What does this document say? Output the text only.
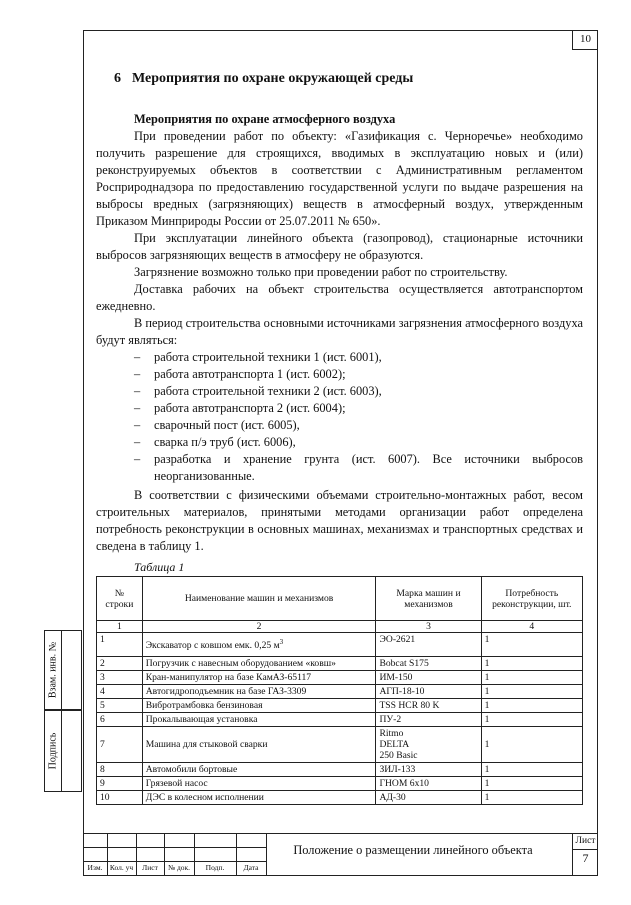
10
Взам. инв. №
Подпись
6 Мероприятия по охране окружающей среды
Мероприятия по охране атмосферного воздуха

При проведении работ по объекту: «Газификация с. Черноречье» необходимо получить разрешение для строящихся, вводимых в эксплуатацию новых и (или) реконструируемых объектов в соответствии с Административным регламентом Росприроднадзора по предоставлению государственной услуги по выдаче разрешения на выбросы вредных (загрязняющих) веществ в атмосферный воздух, утвержденным Приказом Минприроды России от 25.07.2011 № 650».

При эксплуатации линейного объекта (газопровод), стационарные источники выбросов загрязняющих веществ в атмосферу не образуются.

Загрязнение возможно только при проведении работ по строительству.

Доставка рабочих на объект строительства осуществляется автотранспортом ежедневно.

В период строительства основными источниками загрязнения атмосферного воздуха будут являться:

– работа строительной техники 1 (ист. 6001),
– работа автотранспорта 1 (ист. 6002);
– работа строительной техники 2 (ист. 6003),
– работа автотранспорта 2 (ист. 6004);
– сварочный пост (ист. 6005),
– сварка п/э труб (ист. 6006),
– разработка и хранение грунта (ист. 6007). Все источники выбросов неорганизованные.

В соответствии с физическими объемами строительно-монтажных работ, весом строительных материалов, принятыми методами организации работ определена потребность реконструкции в основных машинах, механизмах и транспортных средствах и сведена в таблицу 1.

Таблица 1
№ строки	Наименование машин и механизмов	Марка машин и механизмов	Потребность реконструкции, шт.
1	2	3	4
1	Экскаватор с ковшом емк. 0,25 $м^3$	ЭО-2621	1
2	Погрузчик с навесным оборудованием «ковш»	Bobcat S175	1
3	Кран-манипулятор на базе КамАЗ-65117	ИМ-150	1
4	Автогидроподъемник на базе ГАЗ-3309	АГП-18-10	1
5	Вибротрамбовка бензиновая	TSS HCR 80 K	1
6	Прокалывающая установка	ПУ-2	1
7	Машина для стыковой сварки	Ritmo
DELTA
250 Basic	1
8	Автомобили бортовые	ЗИЛ-133	1
9	Грязевой насос	ГНОМ 6х10	1
10	ДЭС в колесном исполнении	АД-30	1
Изм. Кол. уч	Лист	№ док.	Подп.	Дата
Положение о размещении линейного объекта
Лист
7
